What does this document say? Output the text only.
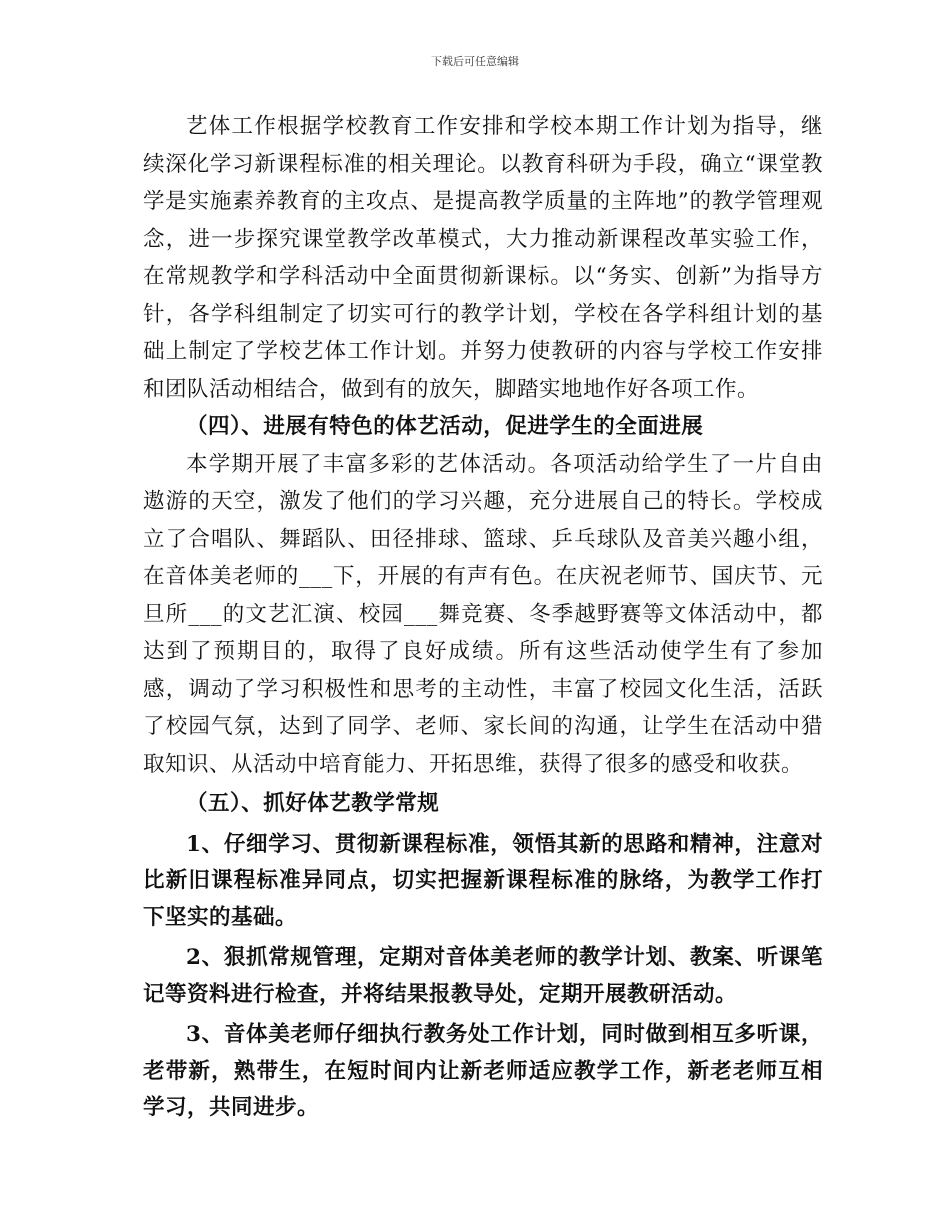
下载后可任意编辑

艺体工作根据学校教育工作安排和学校本期工作计划为指导，继续深化学习新课程标准的相关理论。以教育科研为手段，确立“课堂教学是实施素养教育的主攻点、是提高教学质量的主阵地”的教学管理观念，进一步探究课堂教学改革模式，大力推动新课程改革实验工作，在常规教学和学科活动中全面贯彻新课标。以“务实、创新”为指导方针，各学科组制定了切实可行的教学计划，学校在各学科组计划的基础上制定了学校艺体工作计划。并努力使教研的内容与学校工作安排和团队活动相结合，做到有的放矢，脚踏实地地作好各项工作。

（四）、进展有特色的体艺活动，促进学生的全面进展

本学期开展了丰富多彩的艺体活动。各项活动给学生了一片自由遨游的天空，激发了他们的学习兴趣，充分进展自己的特长。学校成立了合唱队、舞蹈队、田径排球、篮球、乒乓球队及音美兴趣小组，在音体美老师的___下，开展的有声有色。在庆祝老师节、国庆节、元旦所___的文艺汇演、校园___舞竞赛、冬季越野赛等文体活动中，都达到了预期目的，取得了良好成绩。所有这些活动使学生有了参加感，调动了学习积极性和思考的主动性，丰富了校园文化生活，活跃了校园气氛，达到了同学、老师、家长间的沟通，让学生在活动中猎取知识、从活动中培育能力、开拓思维，获得了很多的感受和收获。

（五）、抓好体艺教学常规

1、仔细学习、贯彻新课程标准，领悟其新的思路和精神，注意对比新旧课程标准异同点，切实把握新课程标准的脉络，为教学工作打下坚实的基础。

2、狠抓常规管理，定期对音体美老师的教学计划、教案、听课笔记等资料进行检查，并将结果报教导处，定期开展教研活动。

3、音体美老师仔细执行教务处工作计划，同时做到相互多听课，老带新，熟带生，在短时间内让新老师适应教学工作，新老老师互相学习，共同进步。
